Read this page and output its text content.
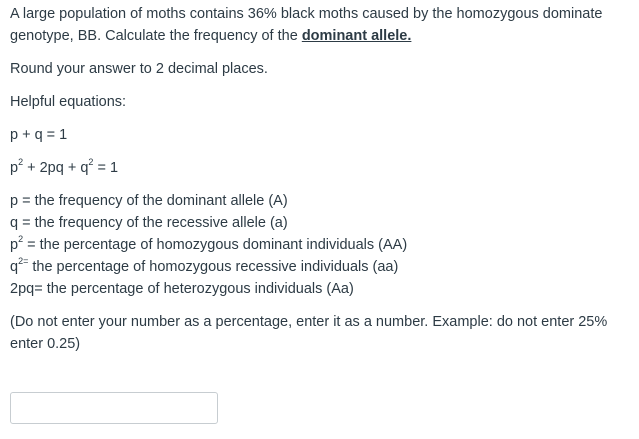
A large population of moths contains 36% black moths caused by the homozygous dominate genotype, BB. Calculate the frequency of the dominant allele.

Round your answer to 2 decimal places.

Helpful equations:

p + q = 1

$p^2 + 2pq + q^2 = 1$

p = the frequency of the dominant allele (A)

q = the frequency of the recessive allele (a)

$p^2$ = the percentage of homozygous dominant individuals (AA)

$q^{2=}$ the percentage of homozygous recessive individuals (aa)

2pq= the percentage of heterozygous individuals (Aa)

(Do not enter your number as a percentage, enter it as a number. Example: do not enter 25% enter 0.25)
